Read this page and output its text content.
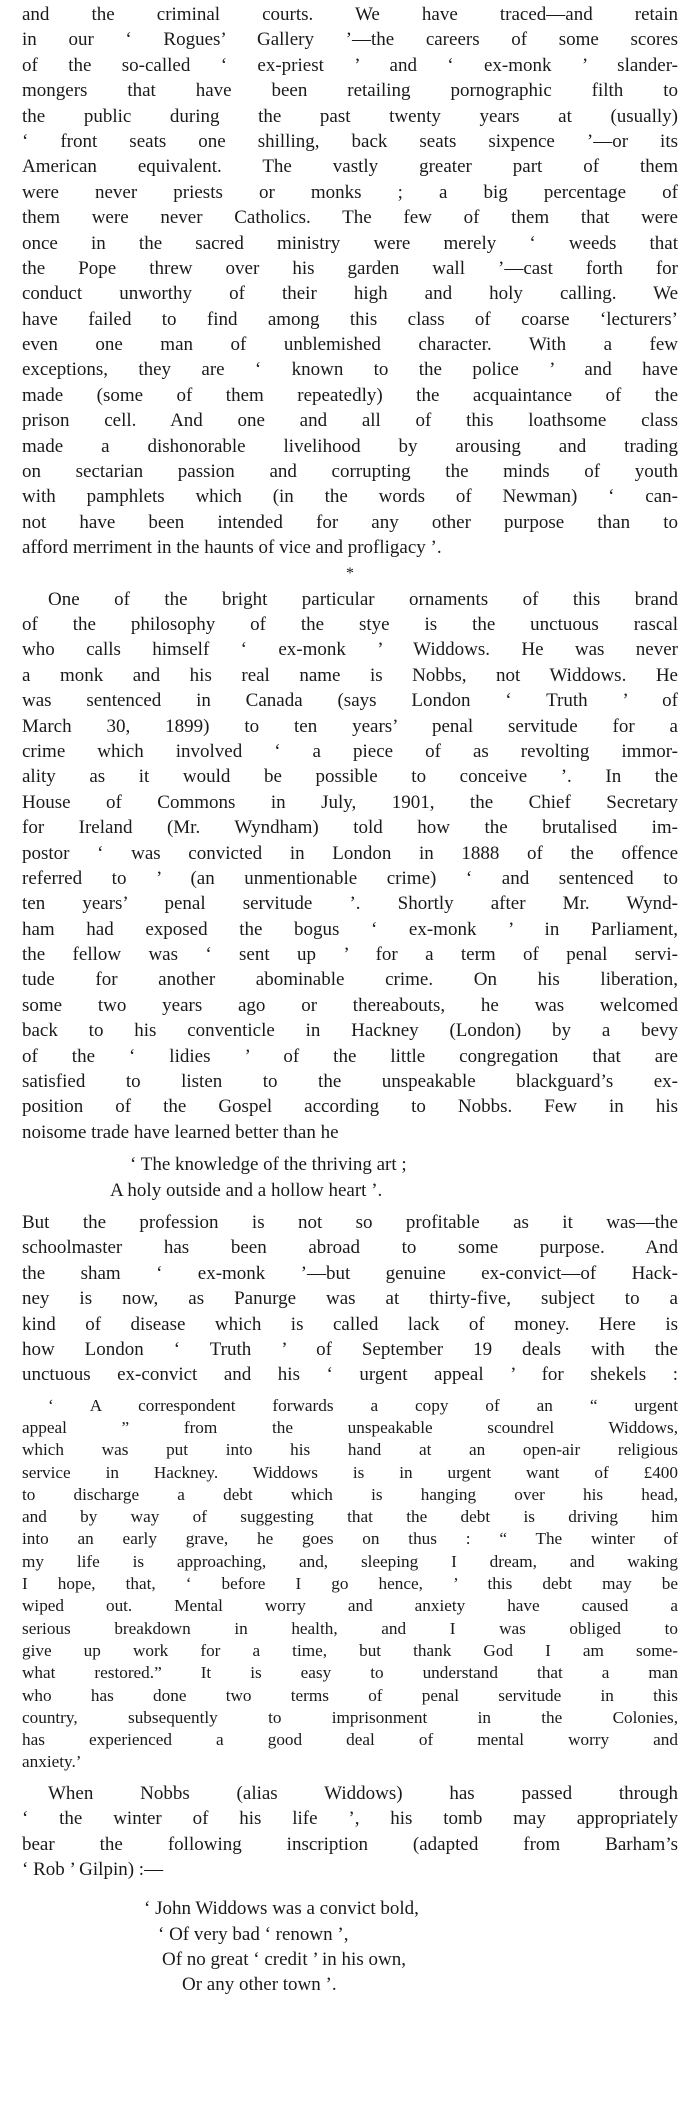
and the criminal courts. We have traced—and retain
in our ‘ Rogues’ Gallery ’—the careers of some scores
of the so-called ‘ ex-priest ’ and ‘ ex-monk ’ slander-
mongers that have been retailing pornographic filth to
the public during the past twenty years at (usually)
‘ front seats one shilling, back seats sixpence ’—or its
American equivalent. The vastly greater part of them
were never priests or monks ; a big percentage of
them were never Catholics. The few of them that were
once in the sacred ministry were merely ‘ weeds that
the Pope threw over his garden wall ’—cast forth for
conduct unworthy of their high and holy calling. We
have failed to find among this class of coarse ‘lecturers’
even one man of unblemished character. With a few
exceptions, they are ‘ known to the police ’ and have
made (some of them repeatedly) the acquaintance of the
prison cell. And one and all of this loathsome class
made a dishonorable livelihood by arousing and trading
on sectarian passion and corrupting the minds of youth
with pamphlets which (in the words of Newman) ‘ can-
not have been intended for any other purpose than to
afford merriment in the haunts of vice and profligacy ’.
*
One of the bright particular ornaments of this brand
of the philosophy of the stye is the unctuous rascal
who calls himself ‘ ex-monk ’ Widdows. He was never
a monk and his real name is Nobbs, not Widdows. He
was sentenced in Canada (says London ‘ Truth ’ of
March 30, 1899) to ten years’ penal servitude for a
crime which involved ‘ a piece of as revolting immor-
ality as it would be possible to conceive ’. In the
House of Commons in July, 1901, the Chief Secretary
for Ireland (Mr. Wyndham) told how the brutalised im-
postor ‘ was convicted in London in 1888 of the offence
referred to ’ (an unmentionable crime) ‘ and sentenced to
ten years’ penal servitude ’. Shortly after Mr. Wynd-
ham had exposed the bogus ‘ ex-monk ’ in Parliament,
the fellow was ‘ sent up ’ for a term of penal servi-
tude for another abominable crime. On his liberation,
some two years ago or thereabouts, he was welcomed
back to his conventicle in Hackney (London) by a bevy
of the ‘ lidies ’ of the little congregation that are
satisfied to listen to the unspeakable blackguard’s ex-
position of the Gospel according to Nobbs. Few in his
noisome trade have learned better than he
‘ The knowledge of the thriving art ;
A holy outside and a hollow heart ’.
But the profession is not so profitable as it was—the
schoolmaster has been abroad to some purpose. And
the sham ‘ ex-monk ’—but genuine ex-convict—of Hack-
ney is now, as Panurge was at thirty-five, subject to a
kind of disease which is called lack of money. Here is
how London ‘ Truth ’ of September 19 deals with the
unctuous ex-convict and his ‘ urgent appeal ’ for shekels :
‘ A correspondent forwards a copy of an “ urgent
appeal ” from the unspeakable scoundrel Widdows,
which was put into his hand at an open-air religious
service in Hackney. Widdows is in urgent want of £400
to discharge a debt which is hanging over his head,
and by way of suggesting that the debt is driving him
into an early grave, he goes on thus : “ The winter of
my life is approaching, and, sleeping I dream, and waking
I hope, that, ‘ before I go hence, ’ this debt may be
wiped out. Mental worry and anxiety have caused a
serious breakdown in health, and I was obliged to
give up work for a time, but thank God I am some-
what restored.” It is easy to understand that a man
who has done two terms of penal servitude in this
country, subsequently to imprisonment in the Colonies,
has experienced a good deal of mental worry and
anxiety.’
When Nobbs (alias Widdows) has passed through
‘ the winter of his life ’, his tomb may appropriately
bear the following inscription (adapted from Barham’s
‘ Rob ’ Gilpin) :—
‘ John Widdows was a convict bold,
‘ Of very bad ‘ renown ’,
Of no great ‘ credit ’ in his own,
Or any other town ’.
